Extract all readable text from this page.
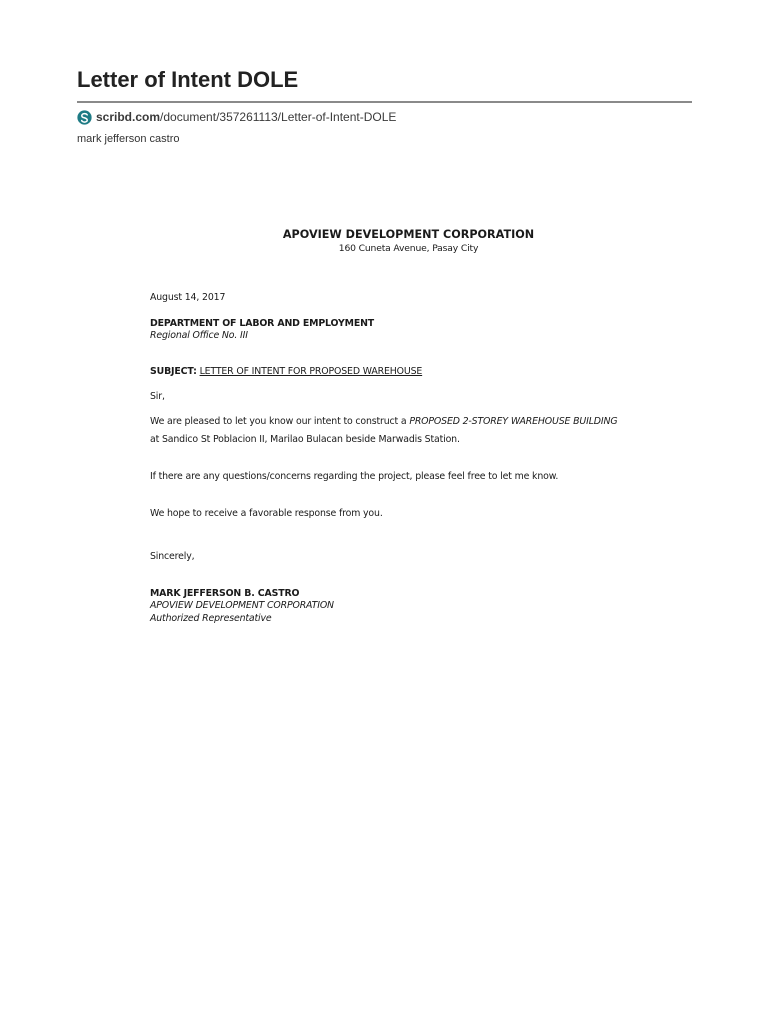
Letter of Intent DOLE
scribd.com/document/357261113/Letter-of-Intent-DOLE
mark jefferson castro
APOVIEW DEVELOPMENT CORPORATION
160 Cuneta Avenue, Pasay City
August 14, 2017
DEPARTMENT OF LABOR AND EMPLOYMENT
Regional Office No. III
SUBJECT: LETTER OF INTENT FOR PROPOSED WAREHOUSE
Sir,
We are pleased to let you know our intent to construct a PROPOSED 2-STOREY WAREHOUSE BUILDING
at Sandico St Poblacion II, Marilao Bulacan beside Marwadis Station.
If there are any questions/concerns regarding the project, please feel free to let me know.
We hope to receive a favorable response from you.
Sincerely,
MARK JEFFERSON B. CASTRO
APOVIEW DEVELOPMENT CORPORATION
Authorized Representative
